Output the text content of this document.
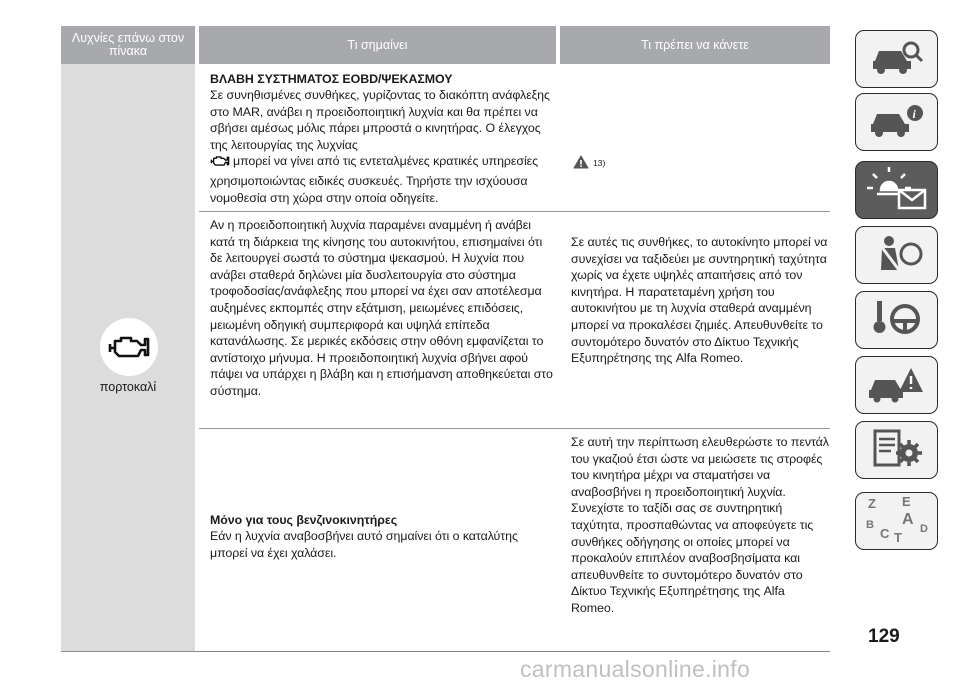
Λυχνίες επάνω στον πίνακα	Τι σημαίνει	Τι πρέπει να κάνετε
πορτοκαλί
ΒΛΑΒΗ ΣΥΣΤΗΜΑΤΟΣ EOBD/ΨΕΚΑΣΜΟΥ
Σε συνηθισμένες συνθήκες, γυρίζοντας το διακόπτη ανάφλεξης στο MAR, ανάβει η προειδοποιητική λυχνία και θα πρέπει να σβήσει αμέσως μόλις πάρει μπροστά ο κινητήρας. Ο έλεγχος της λειτουργίας της λυχνίας
μπορεί να γίνει από τις εντεταλμένες κρατικές υπηρεσίες χρησιμοποιώντας ειδικές συσκευές. Τηρήστε την ισχύουσα νομοθεσία στη χώρα στην οποία οδηγείτε.
13)
Αν η προειδοποιητική λυχνία παραμένει αναμμένη ή ανάβει κατά τη διάρκεια της κίνησης του αυτοκινήτου, επισημαίνει ότι δε λειτουργεί σωστά το σύστημα ψεκασμού. Η λυχνία που ανάβει σταθερά δηλώνει μία δυσλειτουργία στο σύστημα τροφοδοσίας/ανάφλεξης που μπορεί να έχει σαν αποτέλεσμα αυξημένες εκπομπές στην εξάτμιση, μειωμένες επιδόσεις, μειωμένη οδηγική συμπεριφορά και υψηλά επίπεδα κατανάλωσης. Σε μερικές εκδόσεις στην οθόνη εμφανίζεται το αντίστοιχο μήνυμα. Η προειδοποιητική λυχνία σβήνει αφού πάψει να υπάρχει η βλάβη και η επισήμανση αποθηκεύεται στο σύστημα.
Σε αυτές τις συνθήκες, το αυτοκίνητο μπορεί να συνεχίσει να ταξιδεύει με συντηρητική ταχύτητα χωρίς να έχετε υψηλές απαιτήσεις από τον κινητήρα. Η παρατεταμένη χρήση του αυτοκινήτου με τη λυχνία σταθερά αναμμένη μπορεί να προκαλέσει ζημιές. Απευθυνθείτε το συντομότερο δυνατόν στο Δίκτυο Τεχνικής Εξυπηρέτησης της Alfa Romeo.
Μόνο για τους βενζινοκινητήρες
Εάν η λυχνία αναβοσβήνει αυτό σημαίνει ότι ο καταλύτης μπορεί να έχει χαλάσει.
Σε αυτή την περίπτωση ελευθερώστε το πεντάλ του γκαζιού έτσι ώστε να μειώσετε τις στροφές του κινητήρα μέχρι να σταματήσει να αναβοσβήνει η προειδοποιητική λυχνία. Συνεχίστε το ταξίδι σας σε συντηρητική ταχύτητα, προσπαθώντας να αποφεύγετε τις συνθήκες οδήγησης οι οποίες μπορεί να προκαλούν επιπλέον αναβοσβησίματα και απευθυνθείτε το συντομότερο δυνατόν στο Δίκτυο Τεχνικής Εξυπηρέτησης της Alfa Romeo.
i
Z E
B A
D
C T
129
carmanualsonline.info
